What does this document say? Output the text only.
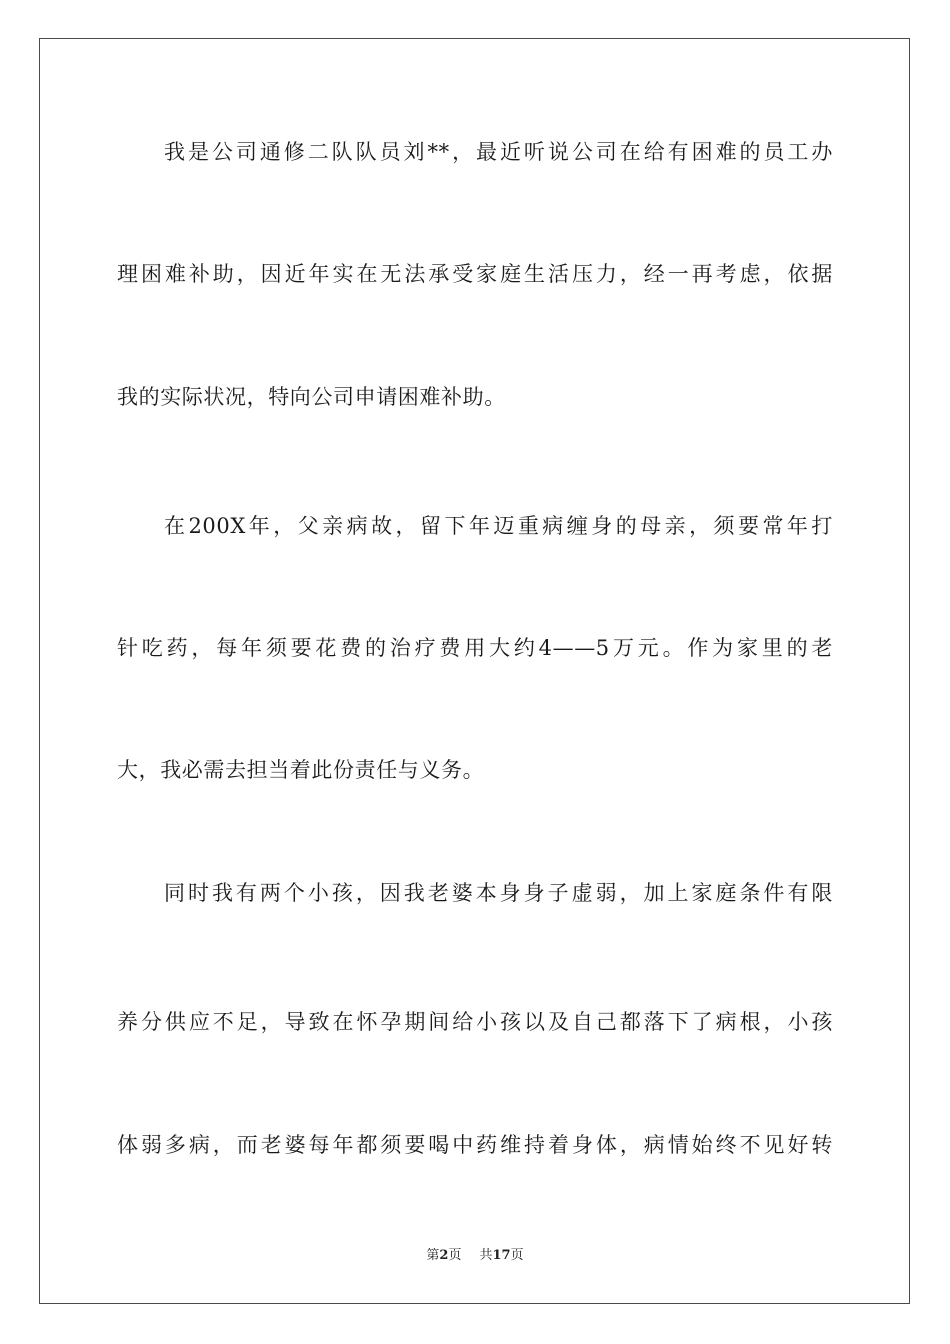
我是公司通修二队队员刘**，最近听说公司在给有困难的员工办
理困难补助，因近年实在无法承受家庭生活压力，经一再考虑，依据
我的实际状况，特向公司申请困难补助。
在200X年，父亲病故，留下年迈重病缠身的母亲，须要常年打
针吃药，每年须要花费的治疗费用大约4——5万元。作为家里的老
大，我必需去担当着此份责任与义务。
同时我有两个小孩，因我老婆本身身子虚弱，加上家庭条件有限
养分供应不足，导致在怀孕期间给小孩以及自己都落下了病根，小孩
体弱多病，而老婆每年都须要喝中药维持着身体，病情始终不见好转
第2页 共17页
